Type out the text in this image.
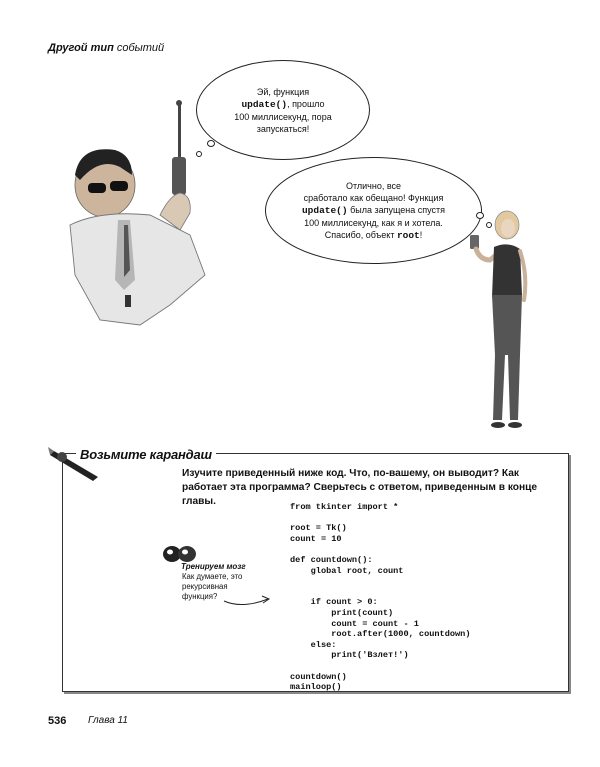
Другой тип событий
Эй, функция
update(), прошло
100 миллисекунд, пора
запускаться!
Отлично, все
сработало как обещано! Функция
update() была запущена спустя
100 миллисекунд, как я и хотела.
Спасибо, объект root!
Возьмите карандаш
Изучите приведенный ниже код. Что, по-вашему, он выводит? Как работает эта программа? Сверьтесь с ответом, приведенным в конце главы.	from tkinter import *

root = Tk()
count = 10

def countdown():
global root, count

if count > 0:
print(count)
count = count - 1
root.after(1000, countdown)
else:
print('Взлет!')

countdown()
mainloop()
Тренируем мозг
Как думаете, это
рекурсивная
функция?
536 Глава 11
